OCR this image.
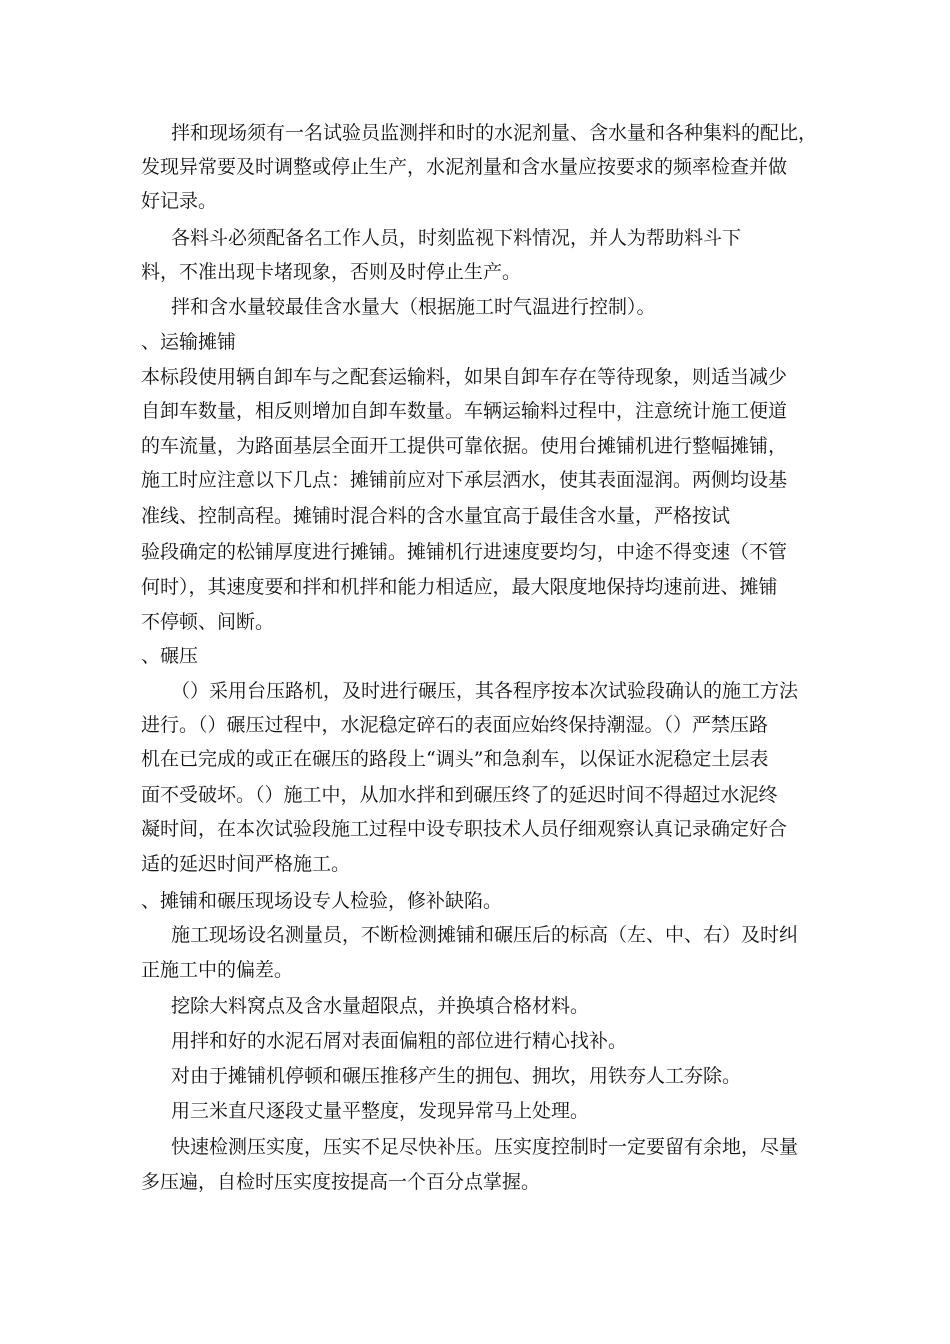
拌和现场须有一名试验员监测拌和时的水泥剂量、含水量和各种集料的配比，
发现异常要及时调整或停止生产，水泥剂量和含水量应按要求的频率检查并做
好记录。
各料斗必须配备名工作人员，时刻监视下料情况，并人为帮助料斗下
料，不准出现卡堵现象，否则及时停止生产。
拌和含水量较最佳含水量大（根据施工时气温进行控制）。
、运输摊铺
本标段使用辆自卸车与之配套运输料，如果自卸车存在等待现象，则适当减少
自卸车数量，相反则增加自卸车数量。车辆运输料过程中，注意统计施工便道
的车流量，为路面基层全面开工提供可靠依据。使用台摊铺机进行整幅摊铺，
施工时应注意以下几点：摊铺前应对下承层洒水，使其表面湿润。两侧均设基
准线、控制高程。摊铺时混合料的含水量宜高于最佳含水量，严格按试
验段确定的松铺厚度进行摊铺。摊铺机行进速度要均匀，中途不得变速（不管
何时），其速度要和拌和机拌和能力相适应，最大限度地保持均速前进、摊铺
不停顿、间断。
、碾压
（）采用台压路机，及时进行碾压，其各程序按本次试验段确认的施工方法
进行。（）碾压过程中，水泥稳定碎石的表面应始终保持潮湿。（）严禁压路
机在已完成的或正在碾压的路段上“调头”和急刹车，以保证水泥稳定土层表
面不受破坏。（）施工中，从加水拌和到碾压终了的延迟时间不得超过水泥终
凝时间，在本次试验段施工过程中设专职技术人员仔细观察认真记录确定好合
适的延迟时间严格施工。
、摊铺和碾压现场设专人检验，修补缺陷。
施工现场设名测量员，不断检测摊铺和碾压后的标高（左、中、右）及时纠
正施工中的偏差。
挖除大料窝点及含水量超限点，并换填合格材料。
用拌和好的水泥石屑对表面偏粗的部位进行精心找补。
对由于摊铺机停顿和碾压推移产生的拥包、拥坎，用铁夯人工夯除。
用三米直尺逐段丈量平整度，发现异常马上处理。
快速检测压实度，压实不足尽快补压。压实度控制时一定要留有余地，尽量
多压遍，自检时压实度按提高一个百分点掌握。
